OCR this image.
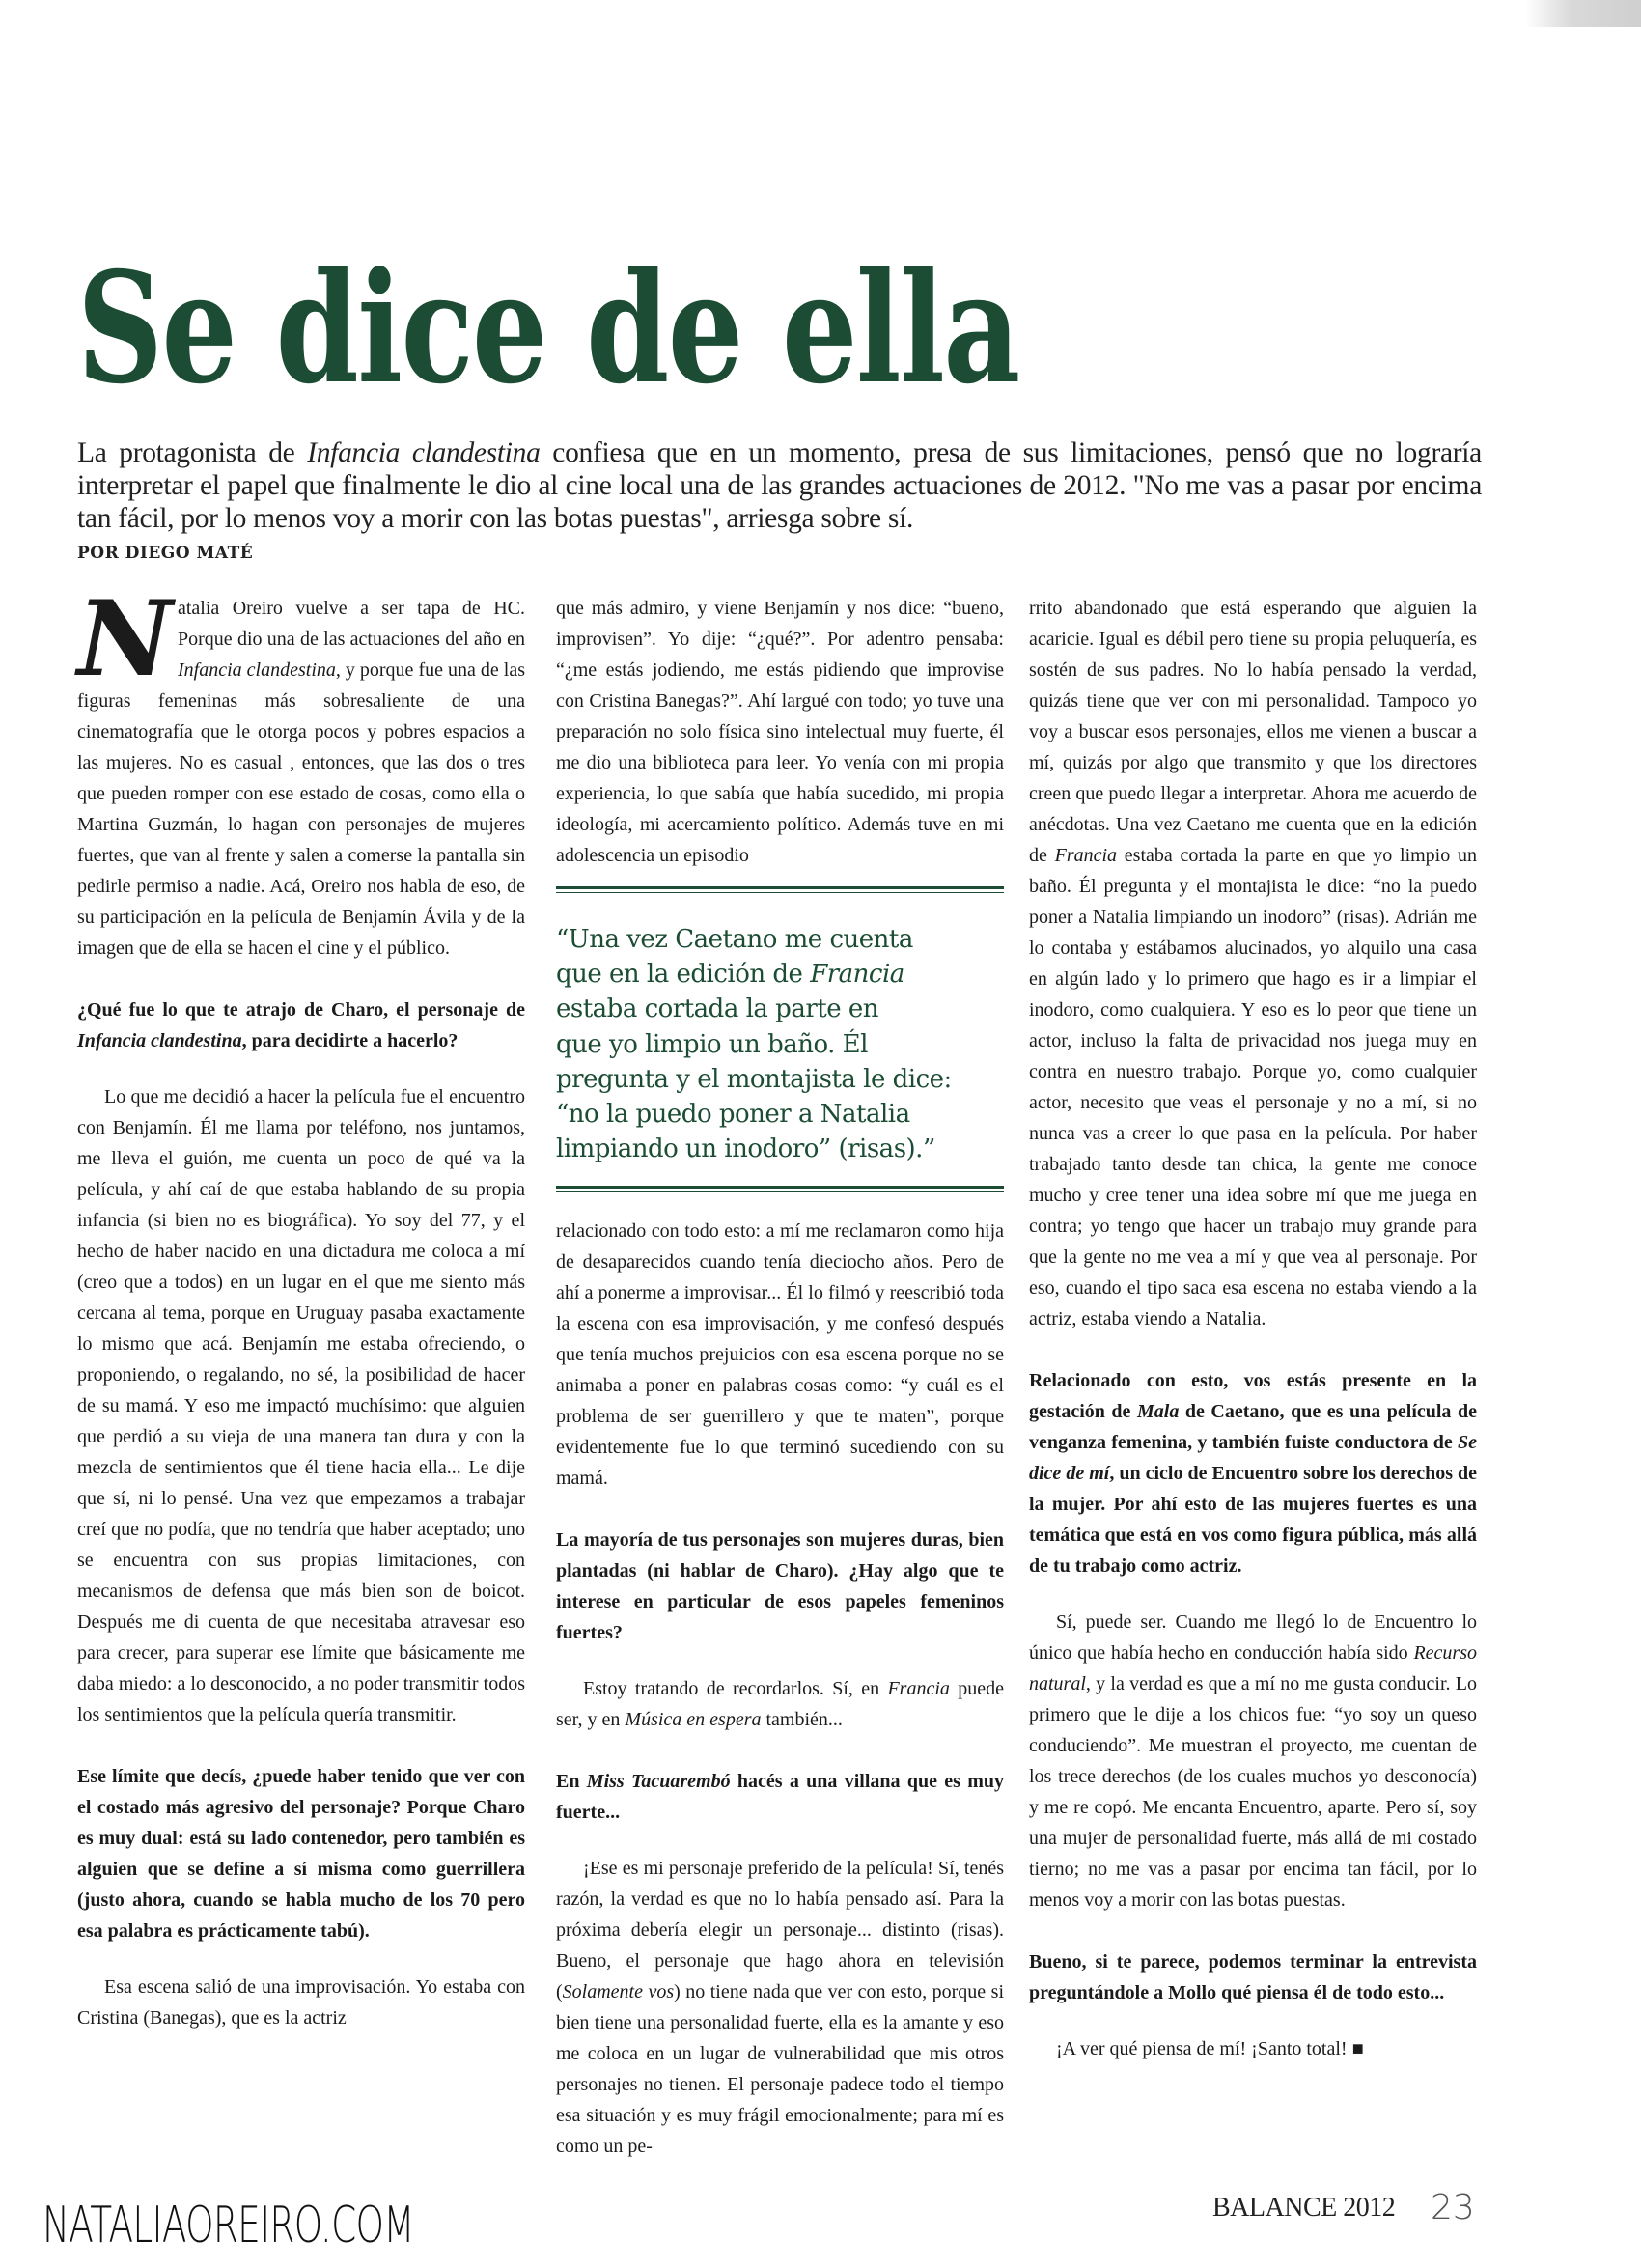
Se dice de ella

La protagonista de Infancia clandestina confiesa que en un momento, presa de sus limitaciones, pensó que no lograría interpretar el papel que finalmente le dio al cine local una de las grandes actuaciones de 2012. "No me vas a pasar por encima tan fácil, por lo menos voy a morir con las botas puestas", arriesga sobre sí.

POR DIEGO MATÉ
N atalia Oreiro vuelve a ser tapa de HC. Porque dio una de las actuaciones del año en Infancia clandestina, y porque fue una de las figuras femeninas más sobresaliente de una cinematografía que le otorga pocos y pobres espacios a las mujeres. No es casual , entonces, que las dos o tres que pueden romper con ese estado de cosas, como ella o Martina Guzmán, lo hagan con personajes de mujeres fuertes, que van al frente y salen a comerse la pantalla sin pedirle permiso a nadie. Acá, Oreiro nos habla de eso, de su participación en la película de Benjamín Ávila y de la imagen que de ella se hacen el cine y el público.

¿Qué fue lo que te atrajo de Charo, el personaje de Infancia clandestina, para decidirte a hacerlo?

Lo que me decidió a hacer la película fue el encuentro con Benjamín. Él me llama por teléfono, nos juntamos, me lleva el guión, me cuenta un poco de qué va la película, y ahí caí de que estaba hablando de su propia infancia (si bien no es biográfica). Yo soy del 77, y el hecho de haber nacido en una dictadura me coloca a mí (creo que a todos) en un lugar en el que me siento más cercana al tema, porque en Uruguay pasaba exactamente lo mismo que acá. Benjamín me estaba ofreciendo, o proponiendo, o regalando, no sé, la posibilidad de hacer de su mamá. Y eso me impactó muchísimo: que alguien que perdió a su vieja de una manera tan dura y con la mezcla de sentimientos que él tiene hacia ella... Le dije que sí, ni lo pensé. Una vez que empezamos a trabajar creí que no podía, que no tendría que haber aceptado; uno se encuentra con sus propias limitaciones, con mecanismos de defensa que más bien son de boicot. Después me di cuenta de que necesitaba atravesar eso para crecer, para superar ese límite que básicamente me daba miedo: a lo desconocido, a no poder transmitir todos los sentimientos que la película quería transmitir.

Ese límite que decís, ¿puede haber tenido que ver con el costado más agresivo del personaje? Porque Charo es muy dual: está su lado contenedor, pero también es alguien que se define a sí misma como guerrillera (justo ahora, cuando se habla mucho de los 70 pero esa palabra es prácticamente tabú).

Esa escena salió de una improvisación. Yo estaba con Cristina (Banegas), que es la actriz

que más admiro, y viene Benjamín y nos dice: “bueno, improvisen”. Yo dije: “¿qué?”. Por adentro pensaba: “¿me estás jodiendo, me estás pidiendo que improvise con Cristina Banegas?”. Ahí largué con todo; yo tuve una preparación no solo física sino intelectual muy fuerte, él me dio una biblioteca para leer. Yo venía con mi propia experiencia, lo que sabía que había sucedido, mi propia ideología, mi acercamiento político. Además tuve en mi adolescencia un episodio

“Una vez Caetano me cuenta
que en la edición de Francia
estaba cortada la parte en
que yo limpio un baño. Él
pregunta y el montajista le dice:
“no la puedo poner a Natalia
limpiando un inodoro” (risas).”

relacionado con todo esto: a mí me reclamaron como hija de desaparecidos cuando tenía dieciocho años. Pero de ahí a ponerme a improvisar... Él lo filmó y reescribió toda la escena con esa improvisación, y me confesó después que tenía muchos prejuicios con esa escena porque no se animaba a poner en palabras cosas como: “y cuál es el problema de ser guerrillero y que te maten”, porque evidentemente fue lo que terminó sucediendo con su mamá.

La mayoría de tus personajes son mujeres duras, bien plantadas (ni hablar de Charo). ¿Hay algo que te interese en particular de esos papeles femeninos fuertes?

Estoy tratando de recordarlos. Sí, en Francia puede ser, y en Música en espera también...

En Miss Tacuarembó hacés a una villana que es muy fuerte...

¡Ese es mi personaje preferido de la película! Sí, tenés razón, la verdad es que no lo había pensado así. Para la próxima debería elegir un personaje... distinto (risas). Bueno, el personaje que hago ahora en televisión (Solamente vos) no tiene nada que ver con esto, porque si bien tiene una personalidad fuerte, ella es la amante y eso me coloca en un lugar de vulnerabilidad que mis otros personajes no tienen. El personaje padece todo el tiempo esa situación y es muy frágil emocionalmente; para mí es como un pe-

rrito abandonado que está esperando que alguien la acaricie. Igual es débil pero tiene su propia peluquería, es sostén de sus padres. No lo había pensado la verdad, quizás tiene que ver con mi personalidad. Tampoco yo voy a buscar esos personajes, ellos me vienen a buscar a mí, quizás por algo que transmito y que los directores creen que puedo llegar a interpretar. Ahora me acuerdo de anécdotas. Una vez Caetano me cuenta que en la edición de Francia estaba cortada la parte en que yo limpio un baño. Él pregunta y el montajista le dice: “no la puedo poner a Natalia limpiando un inodoro” (risas). Adrián me lo contaba y estábamos alucinados, yo alquilo una casa en algún lado y lo primero que hago es ir a limpiar el inodoro, como cualquiera. Y eso es lo peor que tiene un actor, incluso la falta de privacidad nos juega muy en contra en nuestro trabajo. Porque yo, como cualquier actor, necesito que veas el personaje y no a mí, si no nunca vas a creer lo que pasa en la película. Por haber trabajado tanto desde tan chica, la gente me conoce mucho y cree tener una idea sobre mí que me juega en contra; yo tengo que hacer un trabajo muy grande para que la gente no me vea a mí y que vea al personaje. Por eso, cuando el tipo saca esa escena no estaba viendo a la actriz, estaba viendo a Natalia.

Relacionado con esto, vos estás presente en la gestación de Mala de Caetano, que es una película de venganza femenina, y también fuiste conductora de Se dice de mí, un ciclo de Encuentro sobre los derechos de la mujer. Por ahí esto de las mujeres fuertes es una temática que está en vos como figura pública, más allá de tu trabajo como actriz.

Sí, puede ser. Cuando me llegó lo de Encuentro lo único que había hecho en conducción había sido Recurso natural, y la verdad es que a mí no me gusta conducir. Lo primero que le dije a los chicos fue: “yo soy un queso conduciendo”. Me muestran el proyecto, me cuentan de los trece derechos (de los cuales muchos yo desconocía) y me re copó. Me encanta Encuentro, aparte. Pero sí, soy una mujer de personalidad fuerte, más allá de mi costado tierno; no me vas a pasar por encima tan fácil, por lo menos voy a morir con las botas puestas.

Bueno, si te parece, podemos terminar la entrevista preguntándole a Mollo qué piensa él de todo esto...

¡A ver qué piensa de mí! ¡Santo total! ■

NATALIAOREIRO.COM	BALANCE 2012 23
